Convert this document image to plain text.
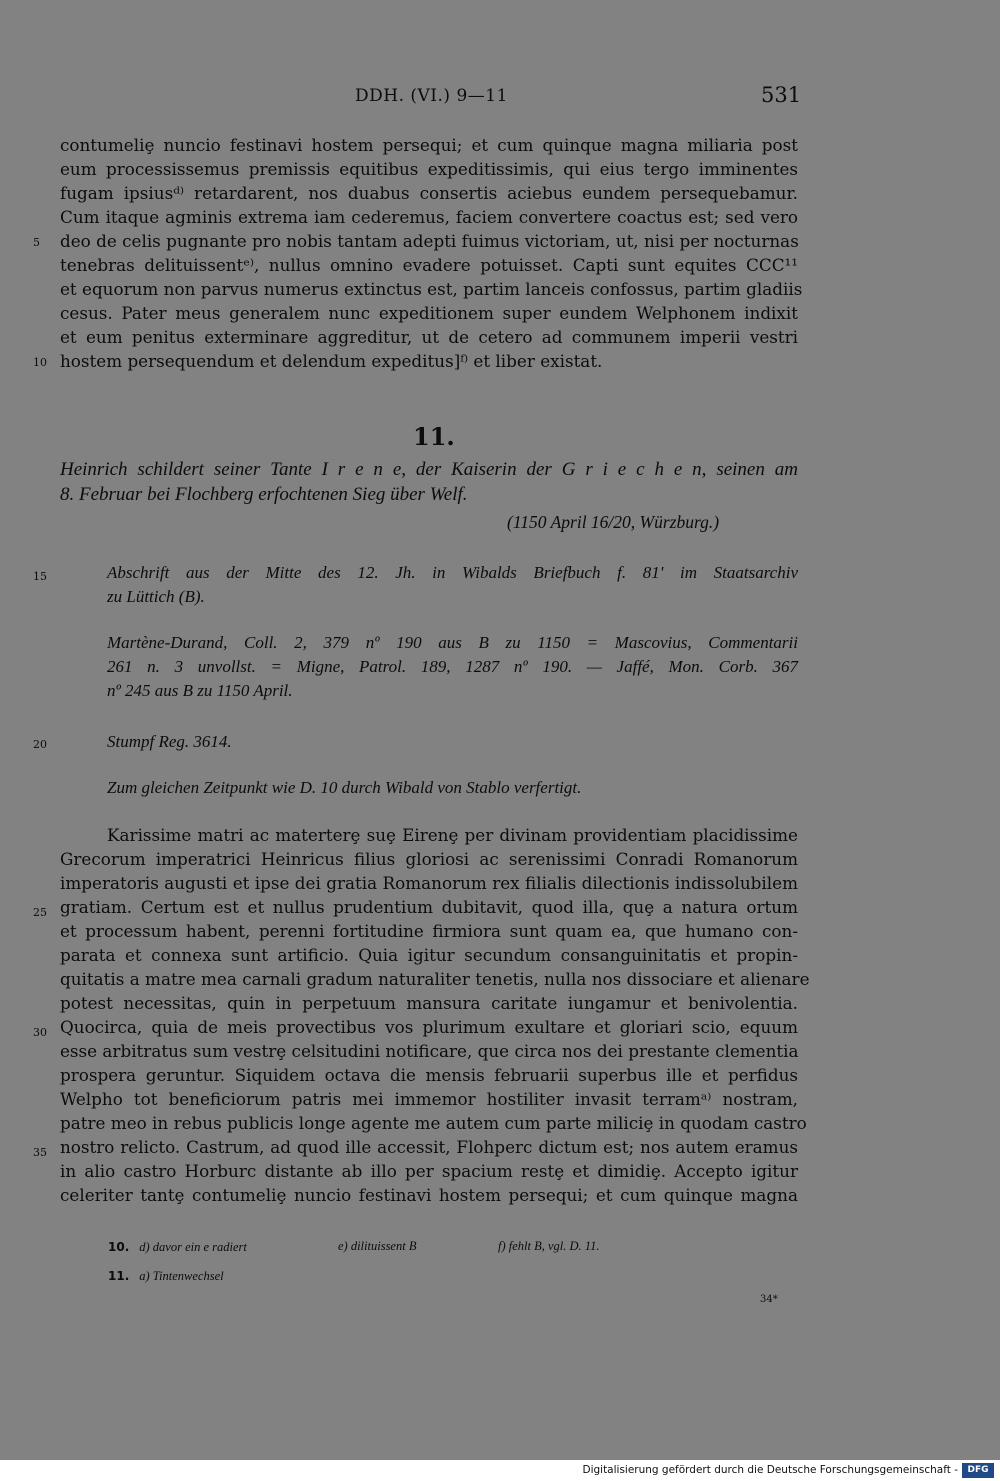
DDH. (VI.) 9—11	531
contumeliȩ nuncio festinavi hostem persequi; et cum quinque magna miliaria post
eum processissemus premissis equitibus expeditissimis, qui eius tergo imminentes
fugam ipsiusᵈ⁾ retardarent, nos duabus consertis aciebus eundem persequebamur.
Cum itaque agminis extrema iam cederemus, faciem convertere coactus est; sed vero
deo de celis pugnante pro nobis tantam adepti fuimus victoriam, ut, nisi per nocturnas
tenebras delituissentᵉ⁾, nullus omnino evadere potuisset. Capti sunt equites CCC¹¹
et equorum non parvus numerus extinctus est, partim lanceis confossus, partim gladiis
cesus. Pater meus generalem nunc expeditionem super eundem Welphonem indixit
et eum penitus exterminare aggreditur, ut de cetero ad communem imperii vestri
hostem persequendum et delendum expeditus]ᶠ⁾ et liber existat.
5
10
11.
Heinrich schildert seiner Tante I r e n e, der Kaiserin der G r i e c h e n, seinen am
8. Februar bei Flochberg erfochtenen Sieg über Welf.
(1150 April 16/20, Würzburg.)
15	Abschrift aus der Mitte des 12. Jh. in Wibalds Briefbuch f. 81' im Staatsarchiv
zu Lüttich (B).
Martène-Durand, Coll. 2, 379 nº 190 aus B zu 1150 = Mascovius, Commentarii
261 n. 3 unvollst. = Migne, Patrol. 189, 1287 nº 190. — Jaffé, Mon. Corb. 367
nº 245 aus B zu 1150 April.
20	Stumpf Reg. 3614.
Zum gleichen Zeitpunkt wie D. 10 durch Wibald von Stablo verfertigt.
Karissime matri ac materterȩ suȩ Eirenȩ per divinam providentiam placidissime
Grecorum imperatrici Heinricus filius gloriosi ac serenissimi Conradi Romanorum
imperatoris augusti et ipse dei gratia Romanorum rex filialis dilectionis indissolubilem
gratiam. Certum est et nullus prudentium dubitavit, quod illa, quȩ a natura ortum
et processum habent, perenni fortitudine firmiora sunt quam ea, que humano con-
parata et connexa sunt artificio. Quia igitur secundum consanguinitatis et propin-
quitatis a matre mea carnali gradum naturaliter tenetis, nulla nos dissociare et alienare
potest necessitas, quin in perpetuum mansura caritate iungamur et benivolentia.
Quocirca, quia de meis provectibus vos plurimum exultare et gloriari scio, equum
esse arbitratus sum vestrȩ celsitudini notificare, que circa nos dei prestante clementia
prospera geruntur. Siquidem octava die mensis februarii superbus ille et perfidus
Welpho tot beneficiorum patris mei immemor hostiliter invasit terramᵃ⁾ nostram,
patre meo in rebus publicis longe agente me autem cum parte miliciȩ in quodam castro
nostro relicto. Castrum, ad quod ille accessit, Flohperc dictum est; nos autem eramus
in alio castro Horburc distante ab illo per spacium restȩ et dimidiȩ. Accepto igitur
celeriter tantȩ contumeliȩ nuncio festinavi hostem persequi; et cum quinque magna
25
30
35
10. d) davor ein e radiert	e) dilituissent B	f) fehlt B, vgl. D. 11.
11. a) Tintenwechsel
34*
Digitalisierung gefördert durch die Deutsche Forschungsgemeinschaft -	DFG
